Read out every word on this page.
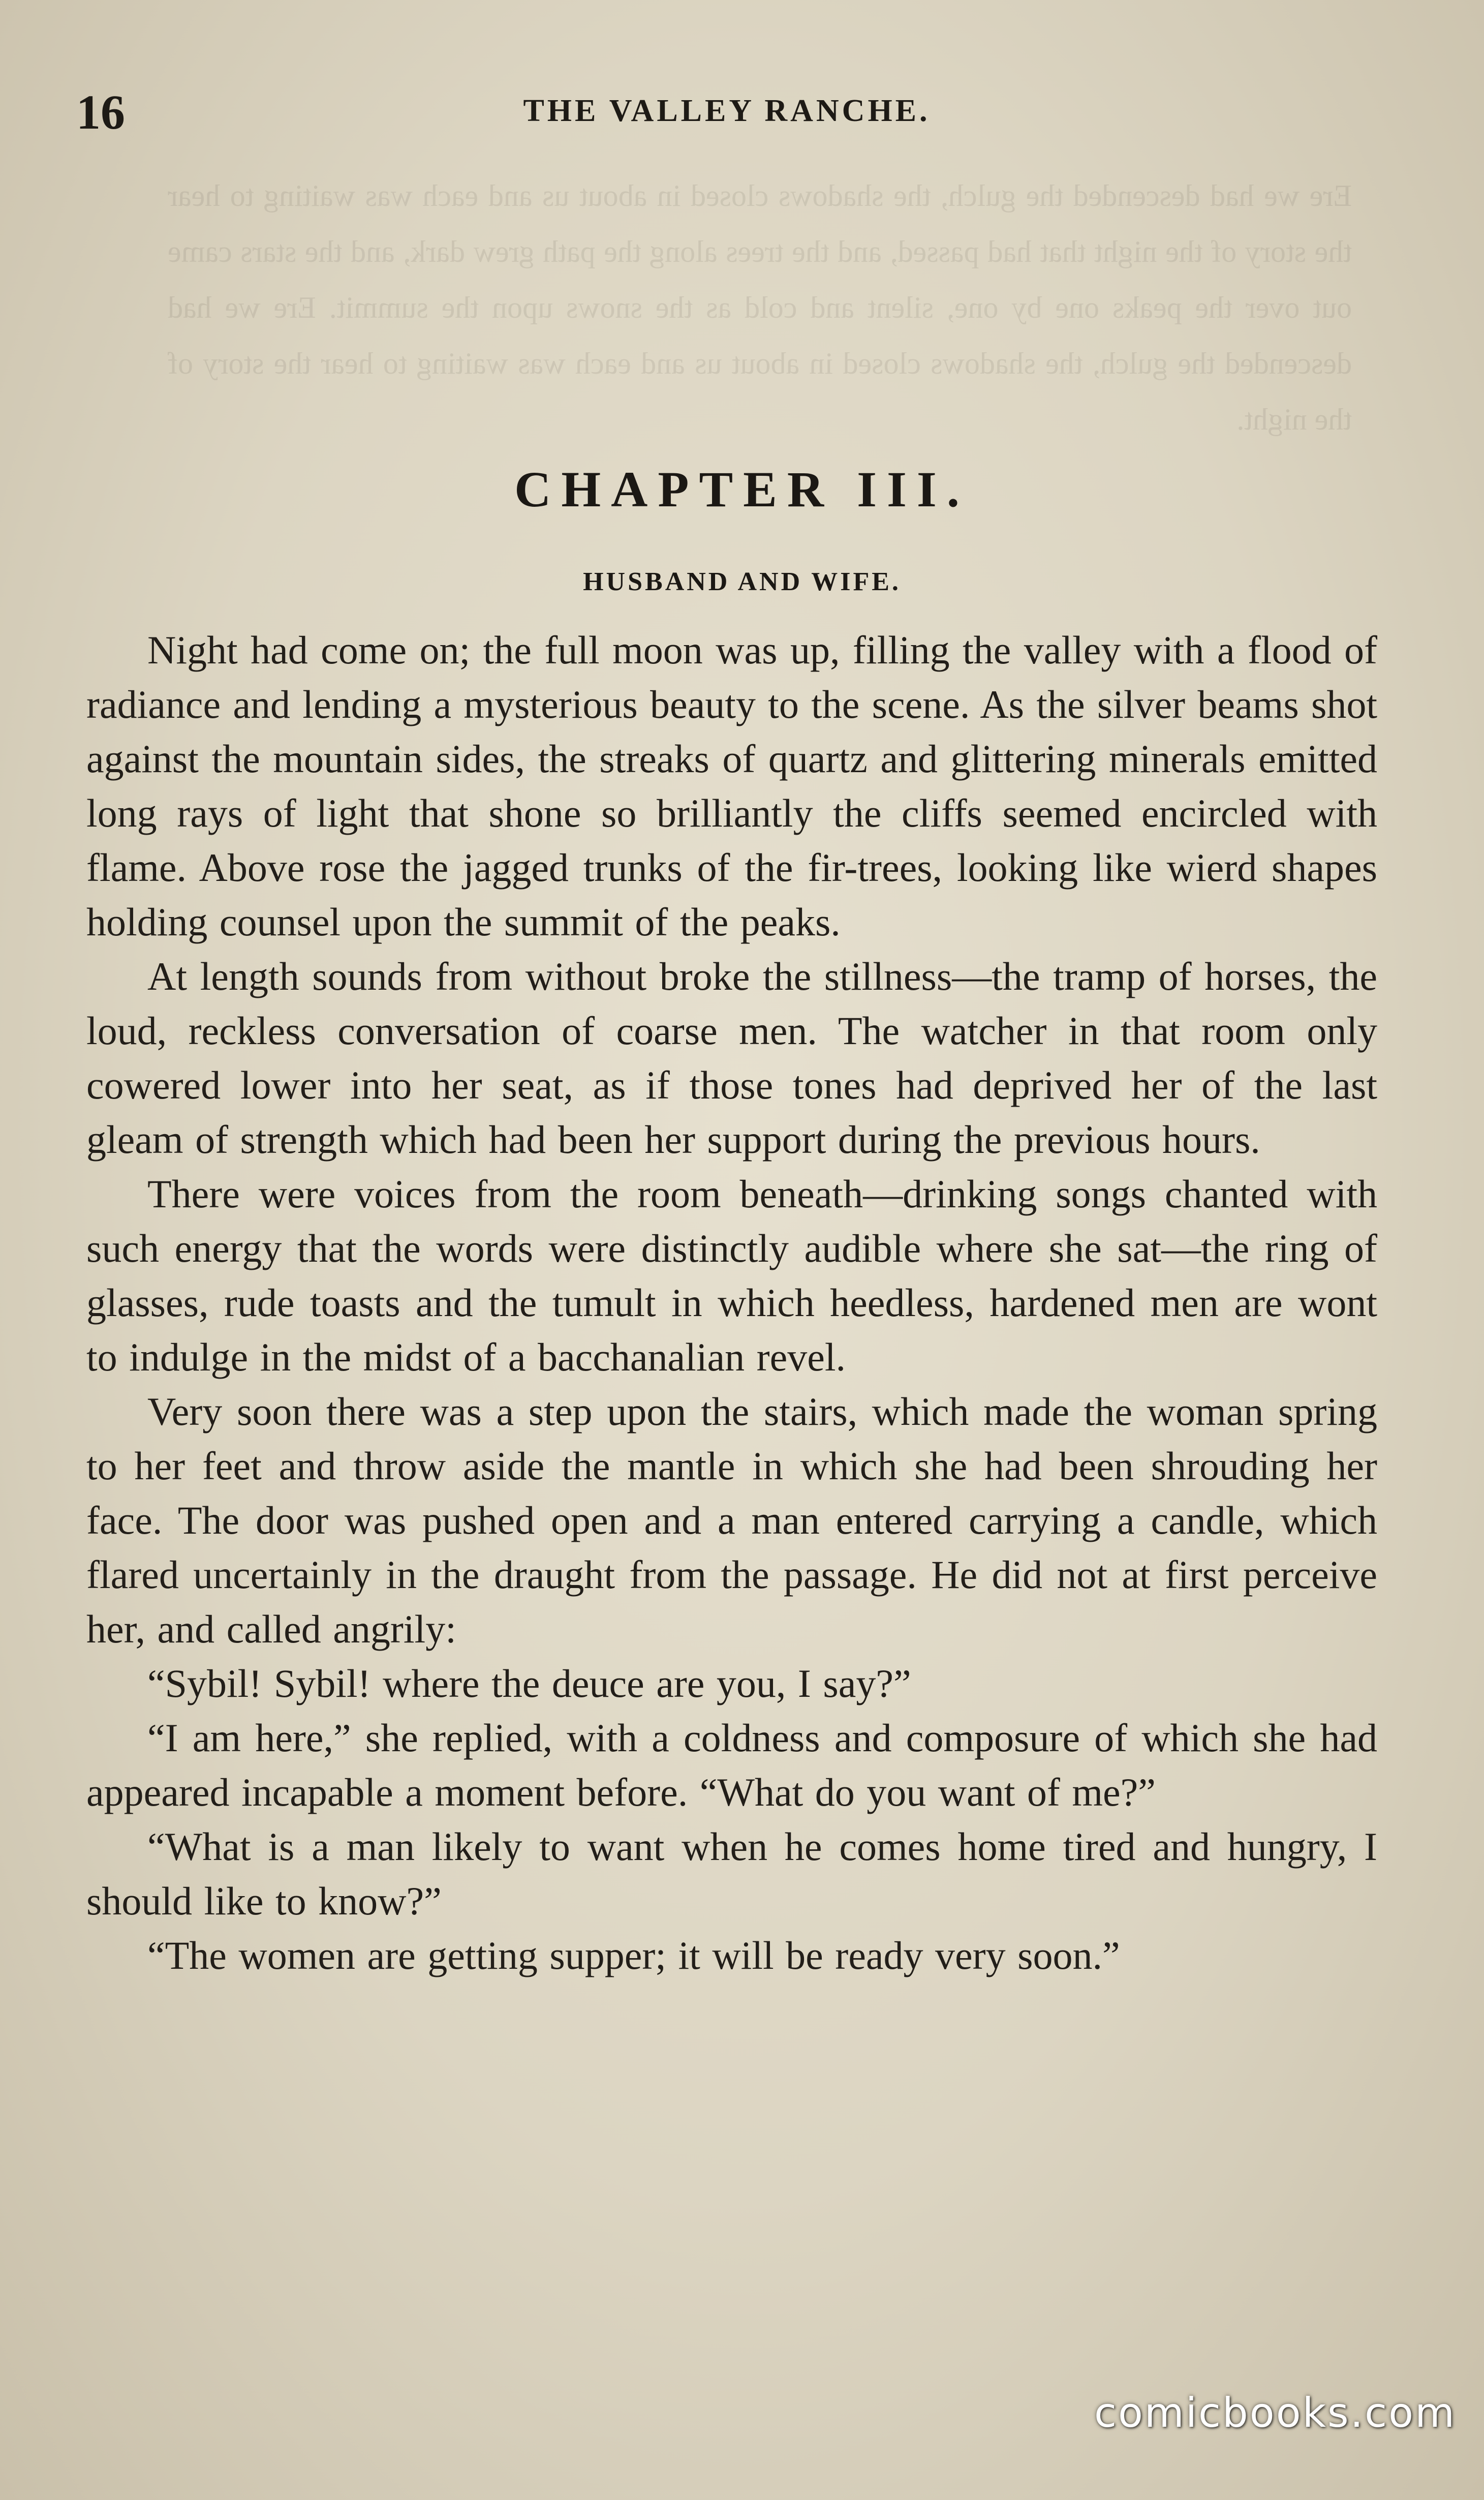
Ere we had descended the gulch, the shadows closed in about us and each was waiting to hear the story of the night that had passed, and the trees along the path grew dark, and the stars came out over the peaks one by one, silent and cold as the snows upon the summit. Ere we had descended the gulch, the shadows closed in about us and each was waiting to hear the story of the night.
16	THE VALLEY RANCHE.
CHAPTER III.
HUSBAND AND WIFE.

Night had come on; the full moon was up, filling the valley with a flood of radiance and lending a mysterious beauty to the scene. As the silver beams shot against the mountain sides, the streaks of quartz and glittering minerals emitted long rays of light that shone so brilliantly the cliffs seemed encircled with flame. Above rose the jagged trunks of the fir-trees, looking like wierd shapes holding counsel upon the summit of the peaks.

At length sounds from without broke the stillness—the tramp of horses, the loud, reckless conversation of coarse men. The watcher in that room only cowered lower into her seat, as if those tones had deprived her of the last gleam of strength which had been her support during the previous hours.

There were voices from the room beneath—drinking songs chanted with such energy that the words were distinctly audible where she sat—the ring of glasses, rude toasts and the tumult in which heedless, hardened men are wont to indulge in the midst of a bacchanalian revel.

Very soon there was a step upon the stairs, which made the woman spring to her feet and throw aside the mantle in which she had been shrouding her face. The door was pushed open and a man entered carrying a candle, which flared uncertainly in the draught from the passage. He did not at first perceive her, and called angrily:

“Sybil! Sybil! where the deuce are you, I say?”

“I am here,” she replied, with a coldness and composure of which she had appeared incapable a moment before. “What do you want of me?”

“What is a man likely to want when he comes home tired and hungry, I should like to know?”

“The women are getting supper; it will be ready very soon.”

comicbooks.com
